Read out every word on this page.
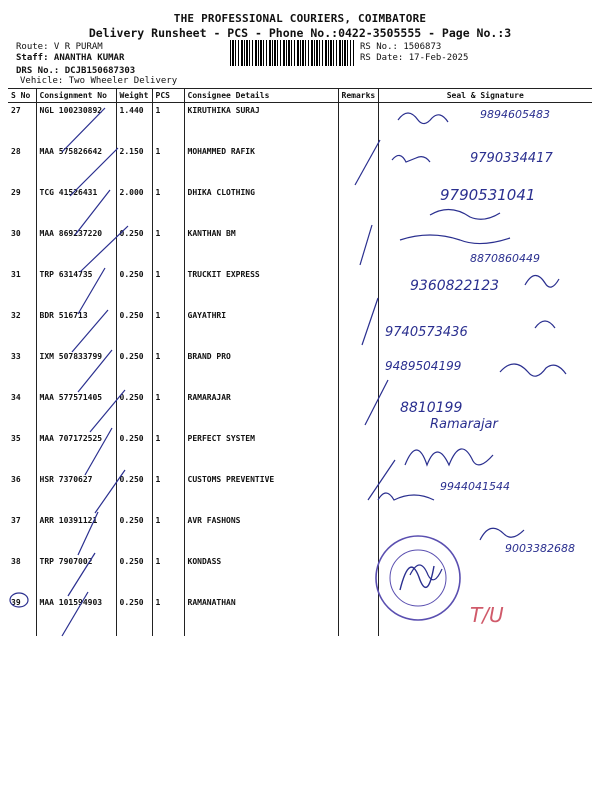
THE PROFESSIONAL COURIERS, COIMBATORE
Delivery Runsheet - PCS - Phone No.:0422-3505555 - Page No.:3
Route: V R PURAM
Staff: ANANTHA KUMAR
DRS No.: DCJB150687303
Vehicle: Two Wheeler Delivery
RS No.: 1506873
RS Date: 17-Feb-2025
S No	Consignment No	Weight	PCS	Consignee Details	Remarks	Seal & Signature
27	NGL 100230892	1.440	1	KIRUTHIKA SURAJ		
28	MAA 575826642	2.150	1	MOHAMMED RAFIK		
29	TCG 41526431	2.000	1	DHIKA CLOTHING		
30	MAA 869237220	0.250	1	KANTHAN BM		
31	TRP 6314735	0.250	1	TRUCKIT EXPRESS		
32	BDR 516713	0.250	1	GAYATHRI		
33	IXM 507833799	0.250	1	BRAND PRO		
34	MAA 577571405	0.250	1	RAMARAJAR		
35	MAA 707172525	0.250	1	PERFECT SYSTEM		
36	HSR 7370627	0.250	1	CUSTOMS PREVENTIVE		
37	ARR 10391121	0.250	1	AVR FASHONS		
38	TRP 7907002	0.250	1	KONDASS		
39	MAA 101594903	0.250	1	RAMANATHAN		
9894605483
9790334417
9790531041
8870860449
9360822123
9740573436
9489504199
8810199
Ramarajar
9944041544
9003382688
T/U
